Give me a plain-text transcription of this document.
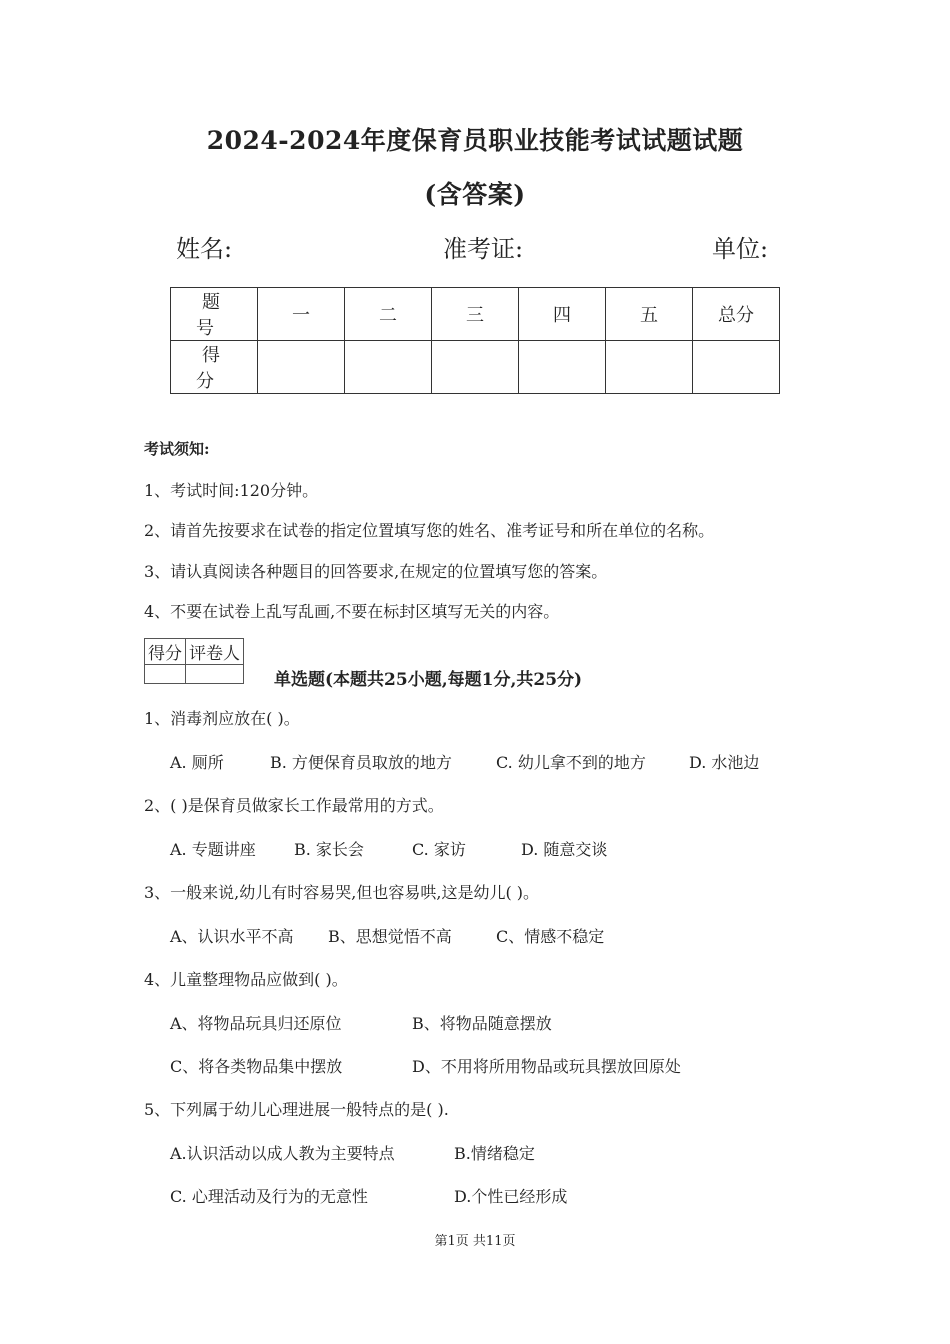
2024-2024年度保育员职业技能考试试题试题
(含答案)
姓名:	准考证:	单位:
题 号	一	二	三	四	五	总分
得 分						
考试须知:
1、考试时间:120分钟。
2、请首先按要求在试卷的指定位置填写您的姓名、准考证号和所在单位的名称。
3、请认真阅读各种题目的回答要求,在规定的位置填写您的答案。
4、不要在试卷上乱写乱画,不要在标封区填写无关的内容。
得分	评卷人

单选题(本题共25小题,每题1分,共25分)
1、消毒剂应放在( )。
A. 厕所	B. 方便保育员取放的地方	C. 幼儿拿不到的地方	D. 水池边
2、( )是保育员做家长工作最常用的方式。
A. 专题讲座 B. 家长会	C. 家访	D. 随意交谈
3、一般来说,幼儿有时容易哭,但也容易哄,这是幼儿( )。
A、认识水平不高 B、思想觉悟不高	C、情感不稳定
4、儿童整理物品应做到( )。
A、将物品玩具归还原位	B、将物品随意摆放
C、将各类物品集中摆放	D、不用将所用物品或玩具摆放回原处
5、下列属于幼儿心理进展一般特点的是( ).
A.认识活动以成人教为主要特点	B.情绪稳定
C. 心理活动及行为的无意性	D.个性已经形成
第1页 共11页
